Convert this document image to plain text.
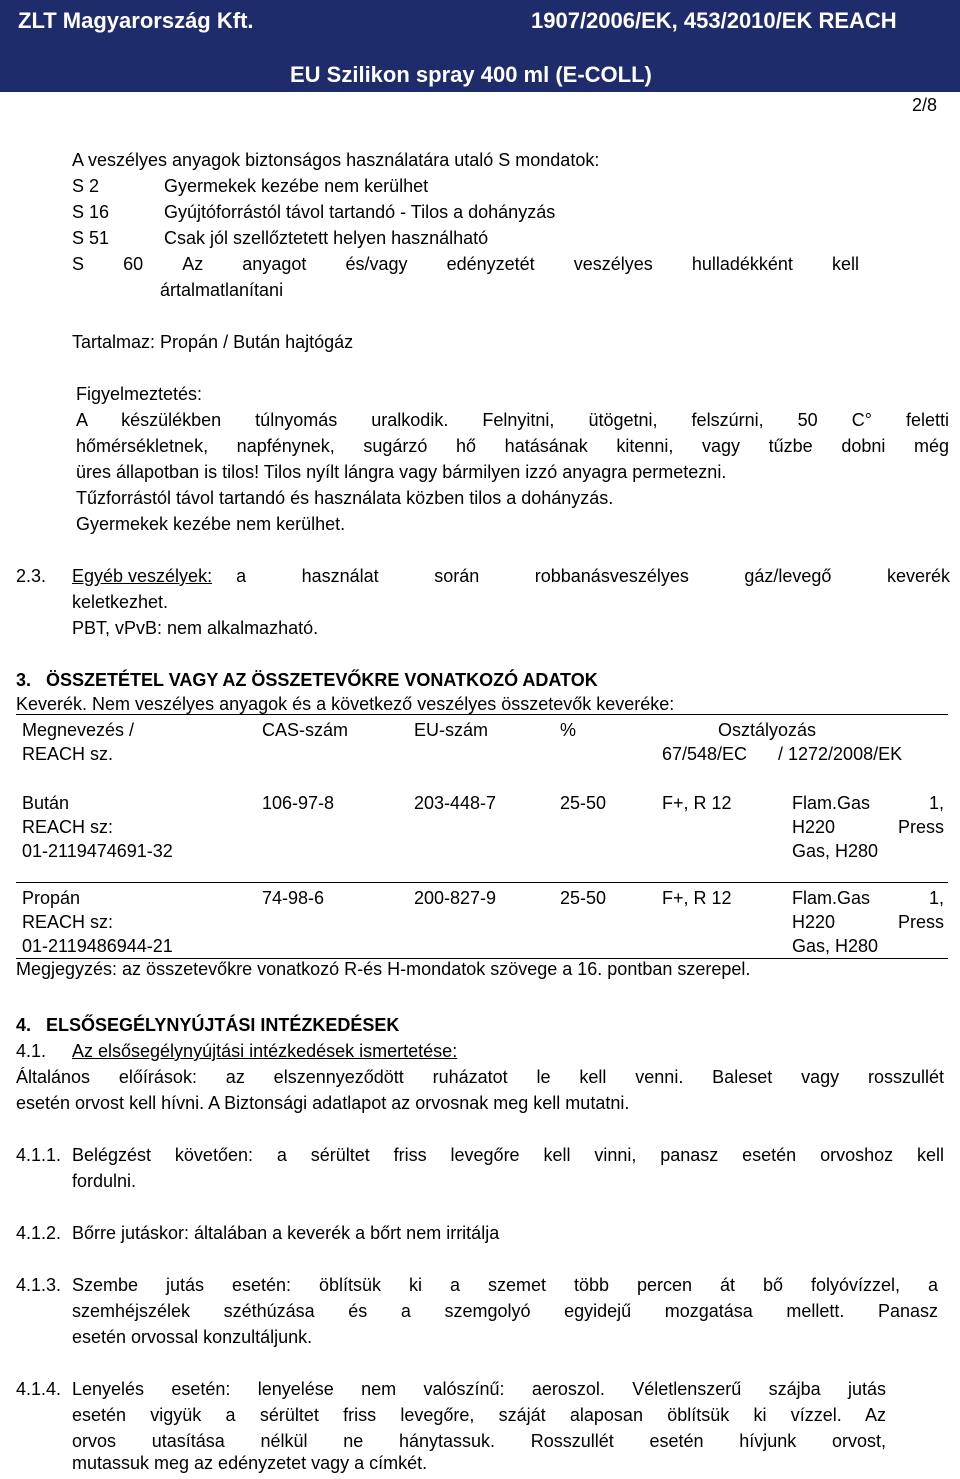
ZLT Magyarország Kft.	1907/2006/EK, 453/2010/EK REACH
EU Szilikon spray 400 ml (E-COLL)
2/8
A veszélyes anyagok biztonságos használatára utaló S mondatok:
S 2	Gyermekek kezébe nem kerülhet
S 16	Gyújtóforrástól távol tartandó - Tilos a dohányzás
S 51	Csak jól szellőztetett helyen használható
S 60 Az anyagot és/vagy edényzetét veszélyes hulladékként kell
ártalmatlanítani
Tartalmaz: Propán / Bután hajtógáz
Figyelmeztetés:
A készülékben túlnyomás uralkodik. Felnyitni, ütögetni, felszúrni, 50 C° feletti
hőmérsékletnek, napfénynek, sugárzó hő hatásának kitenni, vagy tűzbe dobni még
üres állapotban is tilos! Tilos nyílt lángra vagy bármilyen izzó anyagra permetezni.
Tűzforrástól távol tartandó és használata közben tilos a dohányzás.
Gyermekek kezébe nem kerülhet.
2.3. Egyéb veszélyek: a használat során robbanásveszélyes gáz/levegő keverék
keletkezhet.
PBT, vPvB: nem alkalmazható.
3.   ÖSSZETÉTEL VAGY AZ ÖSSZETEVŐKRE VONATKOZÓ ADATOK
Keverék. Nem veszélyes anyagok és a következő veszélyes összetevők keveréke:
Megnevezés /
REACH sz.
CAS-szám	EU-szám	%	Osztályozás
67/548/EC / 1272/2008/EK
Bután
REACH sz:
01-2119474691-32
106-97-8	203-448-7	25-50	F+, R 12	Flam.Gas 1,
H220 Press
Gas, H280
Propán
REACH sz:
01-2119486944-21
74-98-6	200-827-9	25-50	F+, R 12	Flam.Gas 1,
H220 Press
Gas, H280
Megjegyzés: az összetevőkre vonatkozó R-és H-mondatok szövege a 16. pontban szerepel.
4.   ELSŐSEGÉLYNYÚJTÁSI INTÉZKEDÉSEK
4.1. Az elsősegélynyújtási intézkedések ismertetése:
Általános előírások: az elszennyeződött ruházatot le kell venni. Baleset vagy rosszullét
esetén orvost kell hívni. A Biztonsági adatlapot az orvosnak meg kell mutatni.
4.1.1. Belégzést követően: a sérültet friss levegőre kell vinni, panasz esetén orvoshoz kell
fordulni.
4.1.2. Bőrre jutáskor: általában a keverék a bőrt nem irritálja
4.1.3. Szembe jutás esetén: öblítsük ki a szemet több percen át bő folyóvízzel, a
szemhéjszélek széthúzása és a szemgolyó egyidejű mozgatása mellett. Panasz
esetén orvossal konzultáljunk.
4.1.4. Lenyelés esetén: lenyelése nem valószínű: aeroszol. Véletlenszerű szájba jutás
esetén vigyük a sérültet friss levegőre, száját alaposan öblítsük ki vízzel. Az
orvos utasítása nélkül ne hánytassuk. Rosszullét esetén hívjunk orvost,
mutassuk meg az edényzetet vagy a címkét.
